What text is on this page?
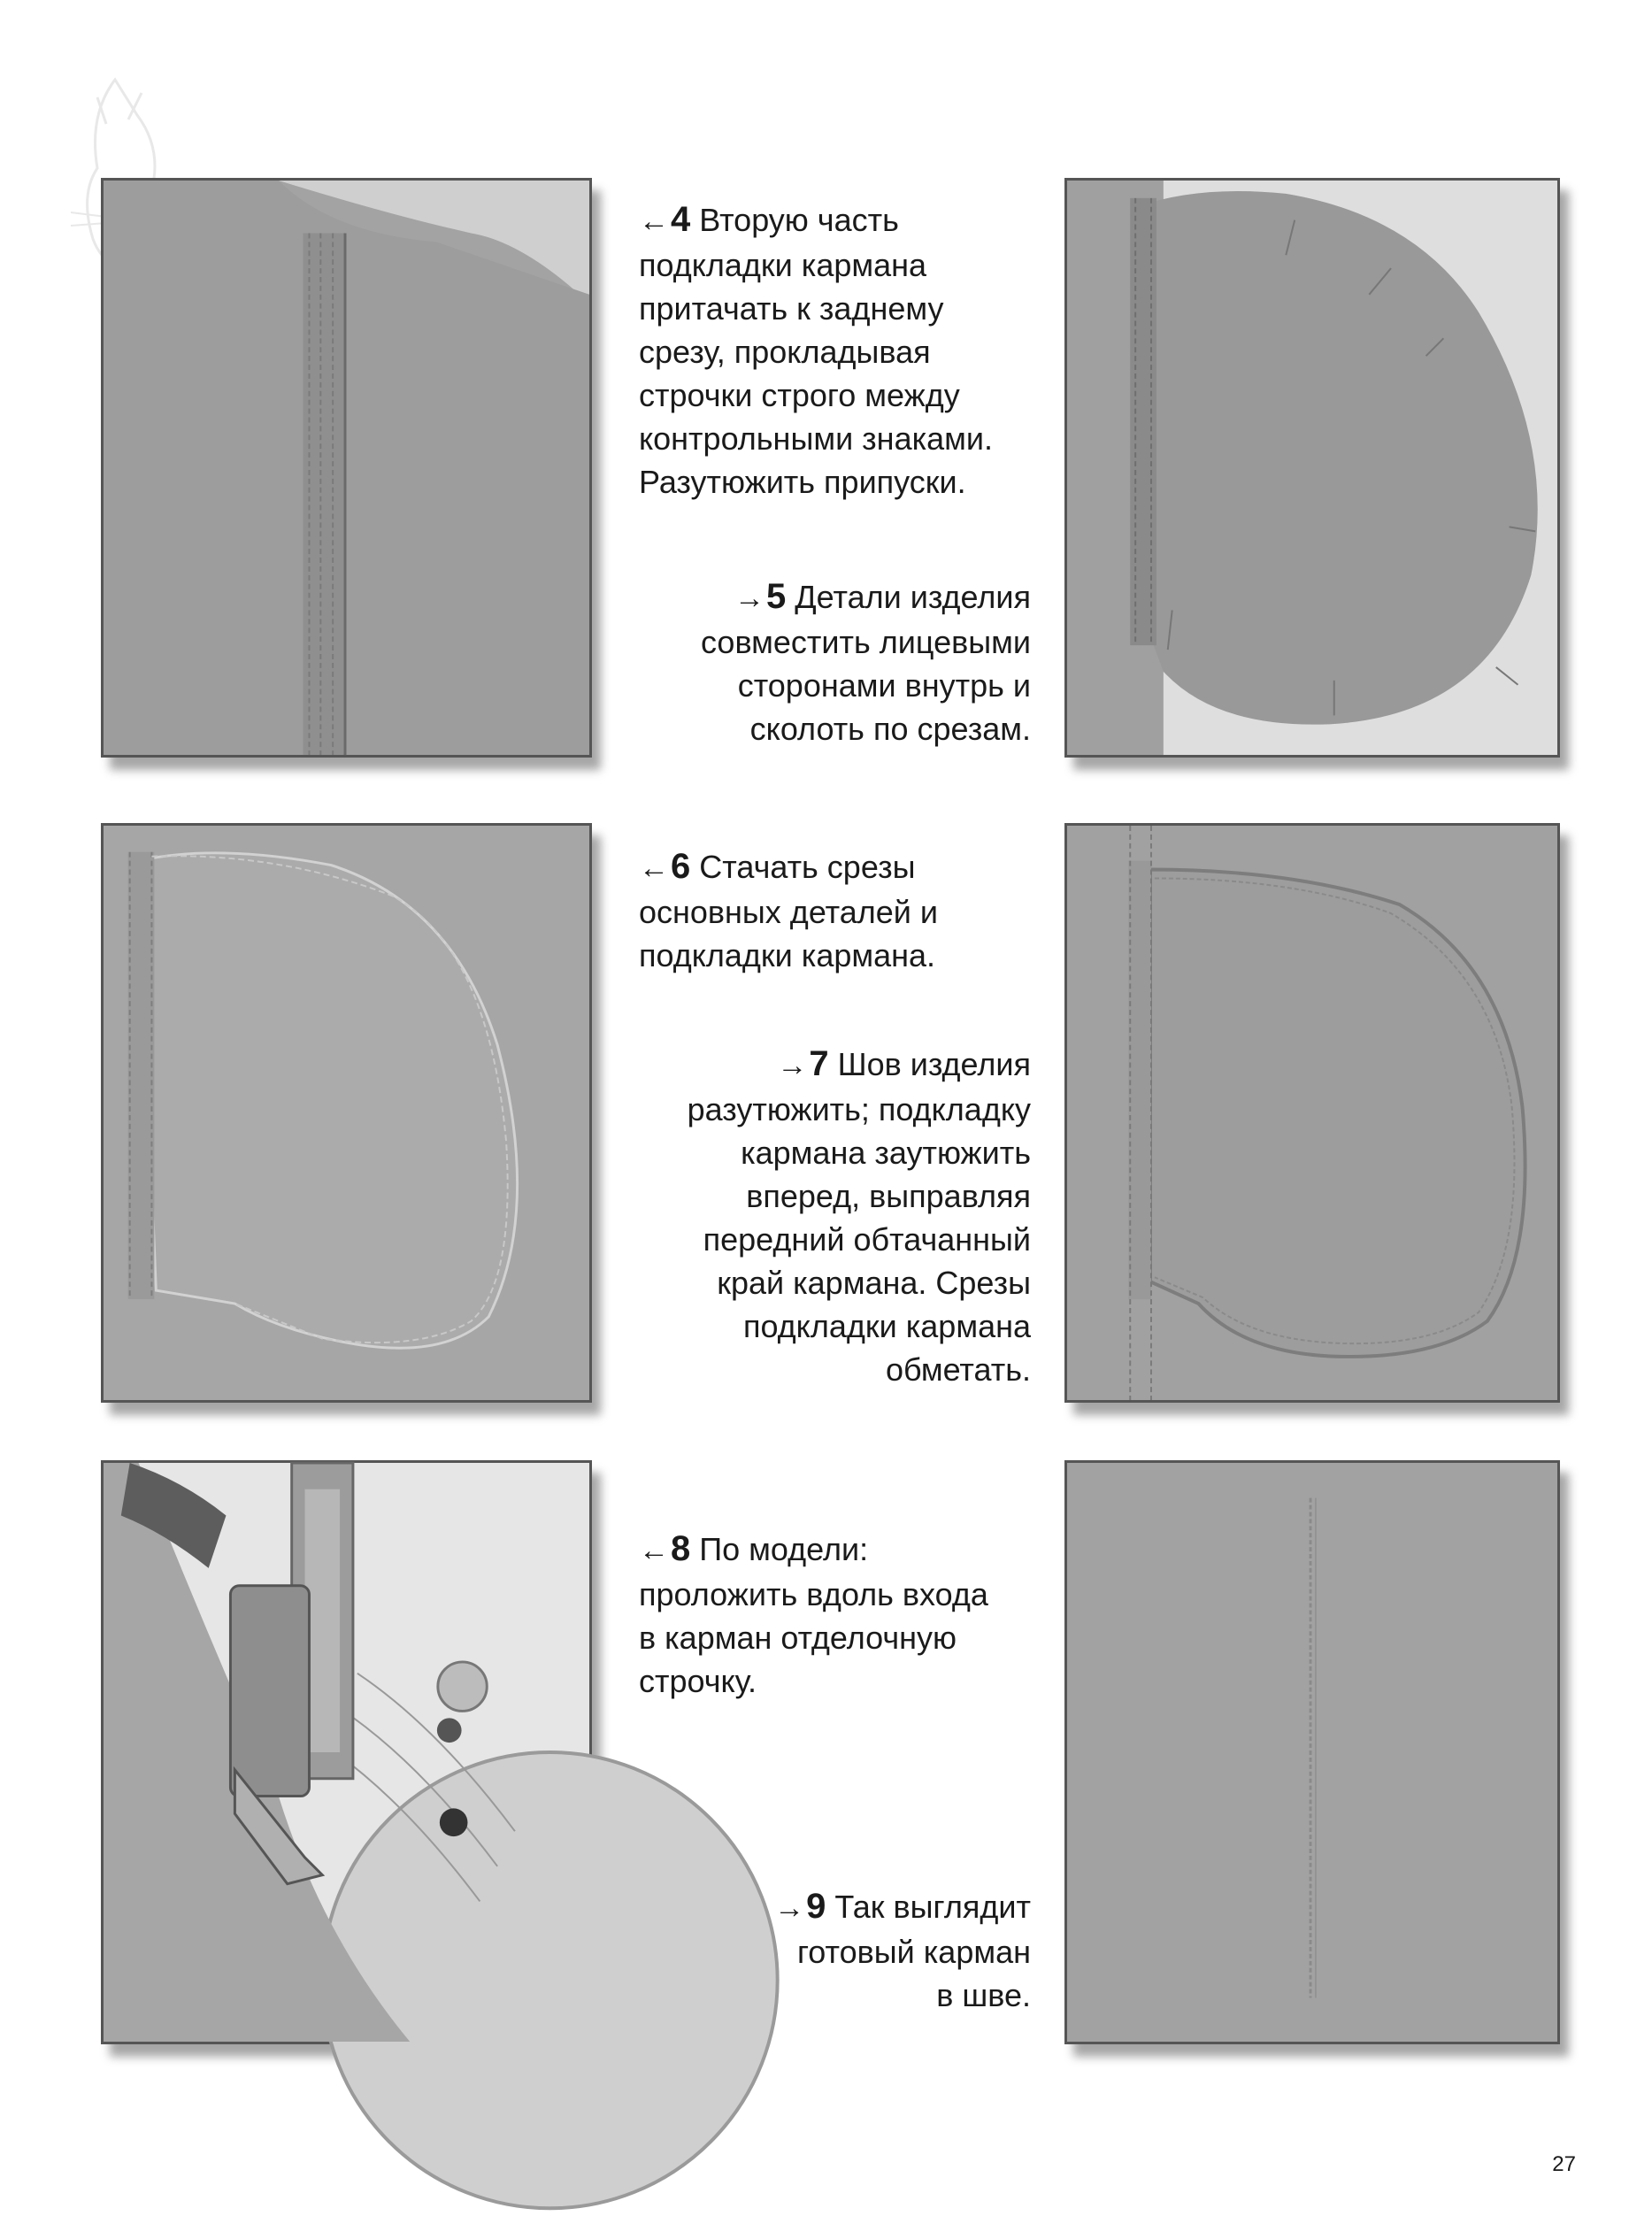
←4 Вторую часть
подкладки кармана
притачать к заднему
срезу, прокладывая
строчки строго между
контрольными знаками.
Разутюжить припуски.
→5 Детали изделия
совместить лицевыми
сторонами внутрь и
сколоть по срезам.
←6 Стачать срезы
основных деталей и
подкладки кармана.
→7 Шов изделия
разутюжить; подкладку
кармана заутюжить
вперед, выправляя
передний обтачанный
край кармана. Срезы
подкладки кармана
обметать.
←8 По модели:
проложить вдоль входа
в карман отделочную
строчку.
→9 Так выглядит
готовый карман
в шве.
27
